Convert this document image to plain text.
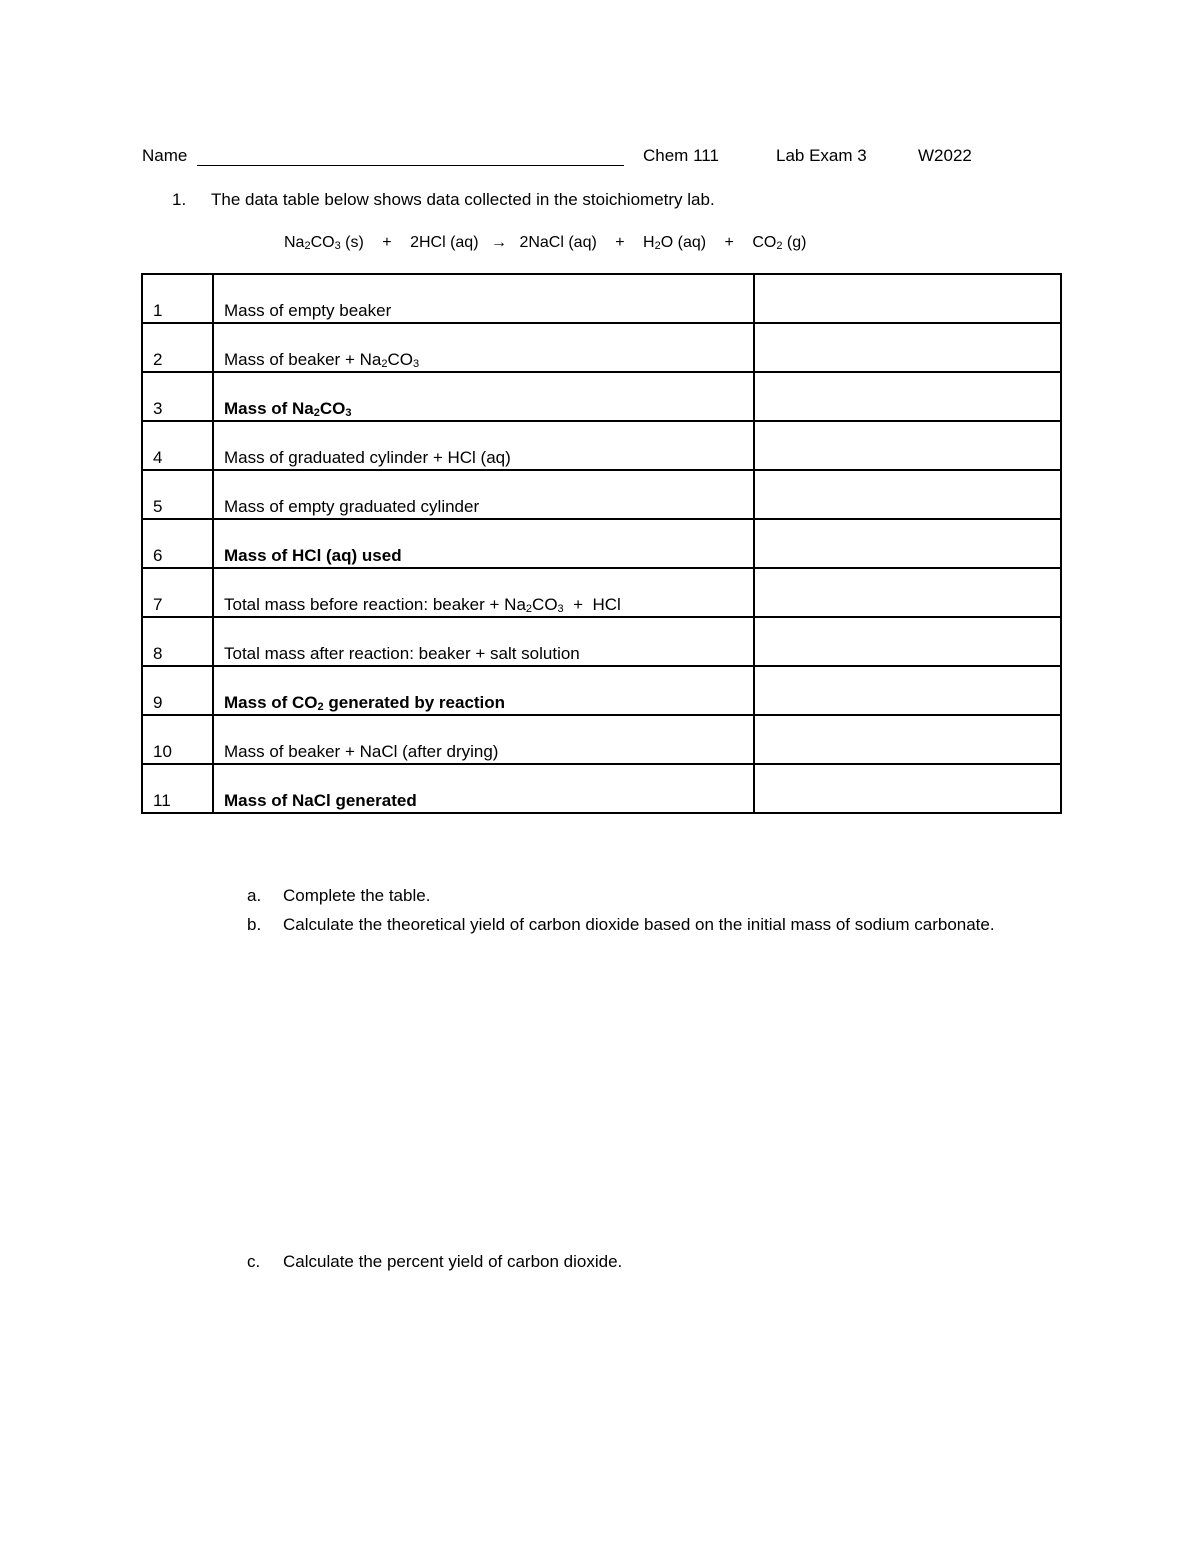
Name	Chem 111	Lab Exam 3	W2022
1. The data table below shows data collected in the stoichiometry lab.
$Na_2CO_3$ (s) + 2HCl (aq) → 2NaCl $(aq) + H_2O$ $(aq) + CO_2$ (g)
1	Mass of empty beaker	

2	Mass of beaker + $Na_2CO_3$

3	Mass of $Na_2CO_3$

4	Mass of graduated cylinder + HCl (aq)	

5	Mass of empty graduated cylinder	

6	Mass of HCl (aq) used	

7	Total mass before reaction: beaker + $Na_2CO_3$  +  HCl	

8	Total mass after reaction: beaker + salt solution	

9	Mass of $CO_2$ generated by reaction	

10	Mass of beaker + NaCl (after drying)	

11	Mass of NaCl generated	

a. Complete the table.
b. Calculate the theoretical yield of carbon dioxide based on the initial mass of sodium carbonate.
c. Calculate the percent yield of carbon dioxide.
